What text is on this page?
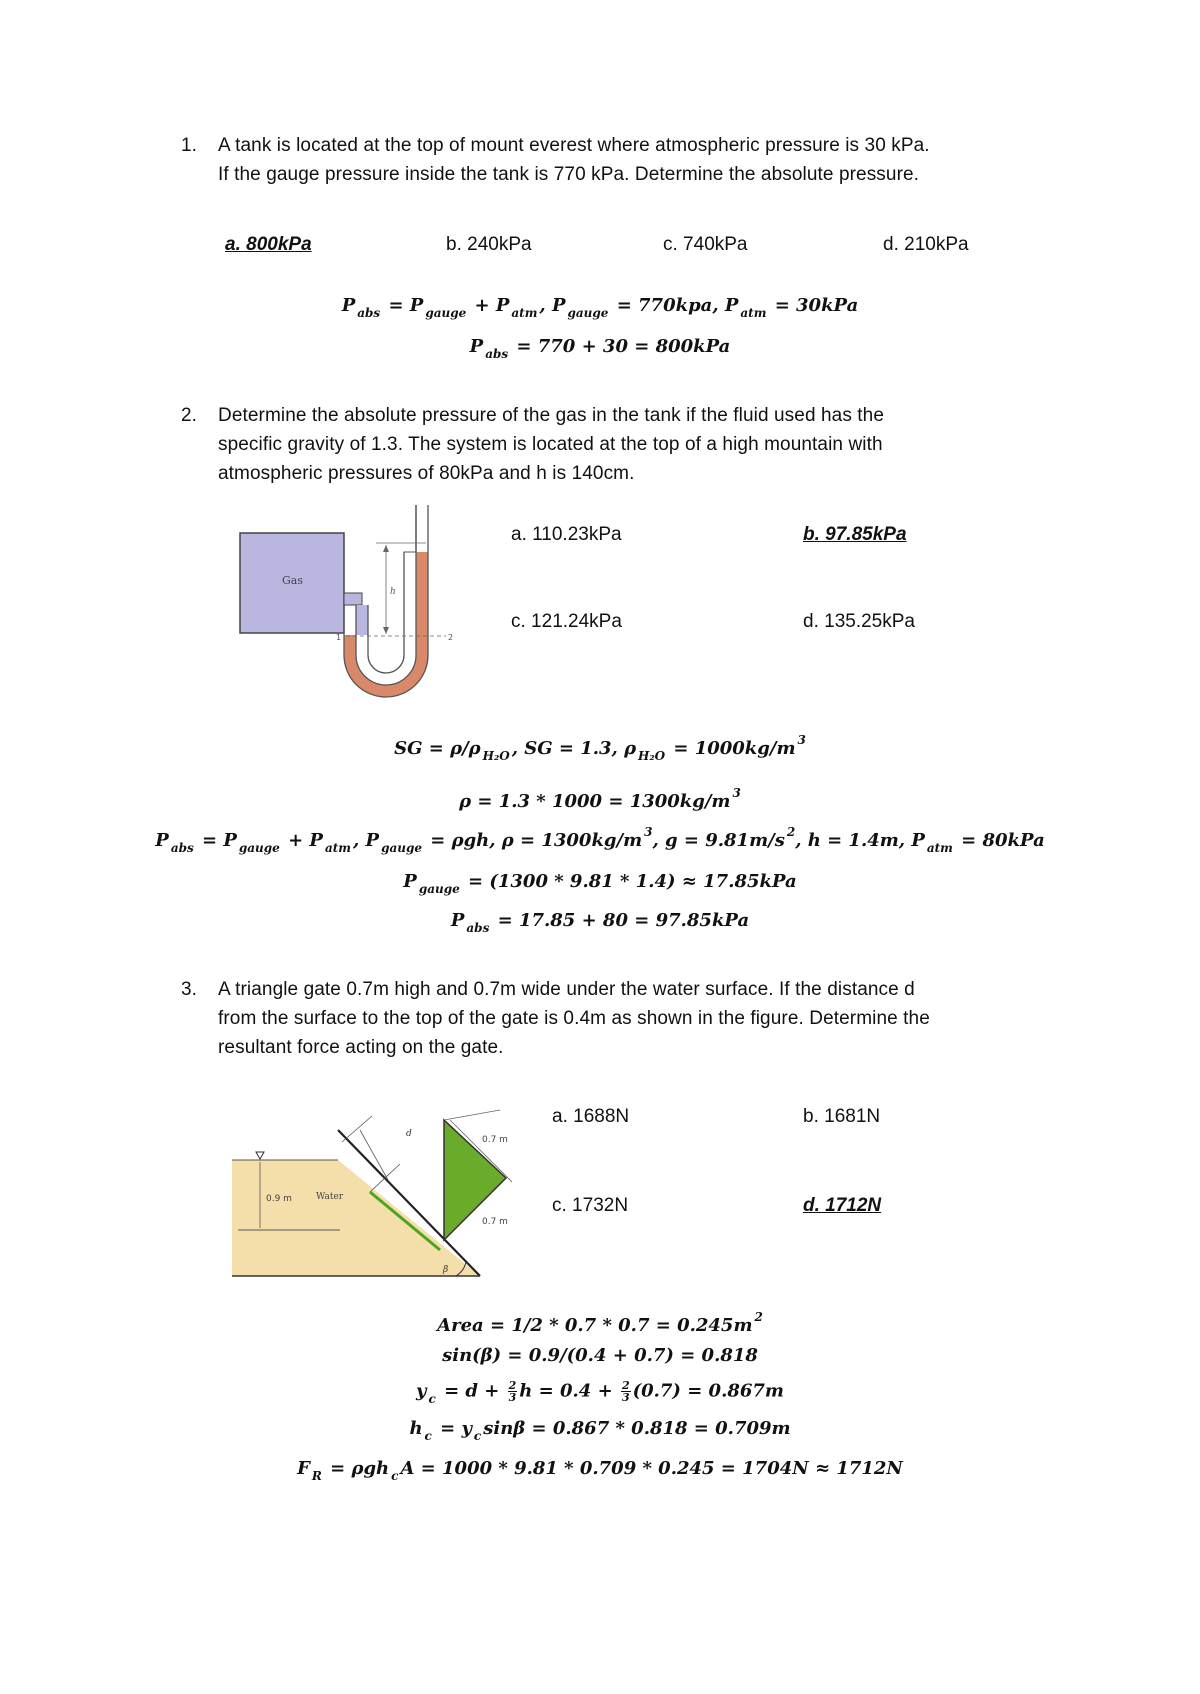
1. A tank is located at the top of mount everest where atmospheric pressure is 30 kPa.
If the gauge pressure inside the tank is 770 kPa. Determine the absolute pressure.
a. 800kPa	b. 240kPa	c. 740kPa	d. 210kPa
P $_{abs}$ = P $_{gauge}$ + P $_{atm}$ , P $_{gauge}$ = 770kpa, P $_{atm}$ = 30kPa
P $_{abs}$ = 770 + 30 = 800kPa
2. Determine the absolute pressure of the gas in the tank if the fluid used has the
specific gravity of 1.3. The system is located at the top of a high mountain with
atmospheric pressures of 80kPa and h is 140cm.
Gas
h
1	2
a. 110.23kPa	b. 97.85kPa
c. 121.24kPa	d. 135.25kPa
SG = ρ/ρ $_{H_2O}$ , SG = 1.3, ρ $_{H_2O}$ = 1000kg/m $^3$
ρ = 1.3 * 1000 = 1300kg/m $^3$
P $_{abs}$ = P $_{gauge}$ + P $_{atm}$ , P $_{gauge}$ = ρgh, ρ = 1300kg/m $^3$, g = 9.81m/s $^2$, h = 1.4m, P $_{atm}$ = 80kPa
P $_{gauge}$ = (1300 * 9.81 * 1.4) ≈ 17.85kPa
P $_{abs}$ = 17.85 + 80 = 97.85kPa
3. A triangle gate 0.7m high and 0.7m wide under the water surface. If the distance d
from the surface to the top of the gate is 0.4m as shown in the figure. Determine the
resultant force acting on the gate.
0.9 m	Water
d
0.7 m
0.7 m
β
a. 1688N	b. 1681N
c. 1732N	d. 1712N
Area = 1/2 * 0.7 * 0.7 = 0.245m $^2$
sin(β) = 0.9/(0.4 + 0.7) = 0.818
y $_c = d + \frac{2}{3}$ $h = 0.4 + \frac{2}{3} (0.7) = 0.867m$
h $_c$ = y $_c$ sinβ = 0.867 * 0.818 = 0.709m
F $_R$ = ρgh $_c$ A = 1000 * 9.81 * 0.709 * 0.245 = 1704N ≈ 1712N
